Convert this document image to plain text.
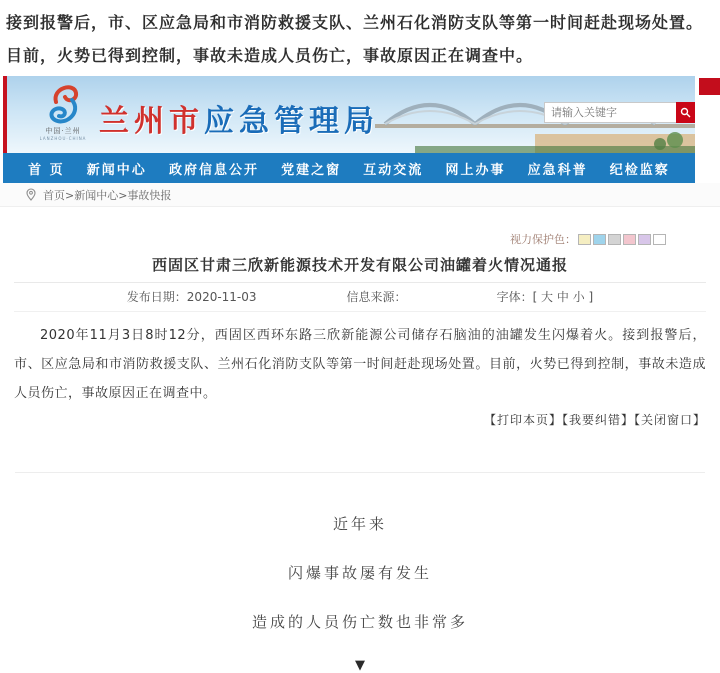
接到报警后，市、区应急局和市消防救援支队、兰州石化消防支队等第一时间赶赴现场处置。目前，火势已得到控制，事故未造成人员伤亡，事故原因正在调查中。
中国·兰州
LANZHOU·CHINA 兰州市应急管理局
请输入关键字
首 页 新闻中心 政府信息公开 党建之窗 互动交流 网上办事 应急科普 纪检监察
首页>新闻中心>事故快报
视力保护色：
西固区甘肃三欣新能源技术开发有限公司油罐着火情况通报
发布日期：2020-11-03	信息来源：	字体：[ 大 中 小 ]
2020年11月3日8时12分，西固区西环东路三欣新能源公司储存石脑油的油罐发生闪爆着火。接到报警后，市、区应急局和市消防救援支队、兰州石化消防支队等第一时间赶赴现场处置。目前，火势已得到控制，事故未造成人员伤亡，事故原因正在调查中。
【打印本页】【我要纠错】【关闭窗口】
近年来
闪爆事故屡有发生
造成的人员伤亡数也非常多
▼
